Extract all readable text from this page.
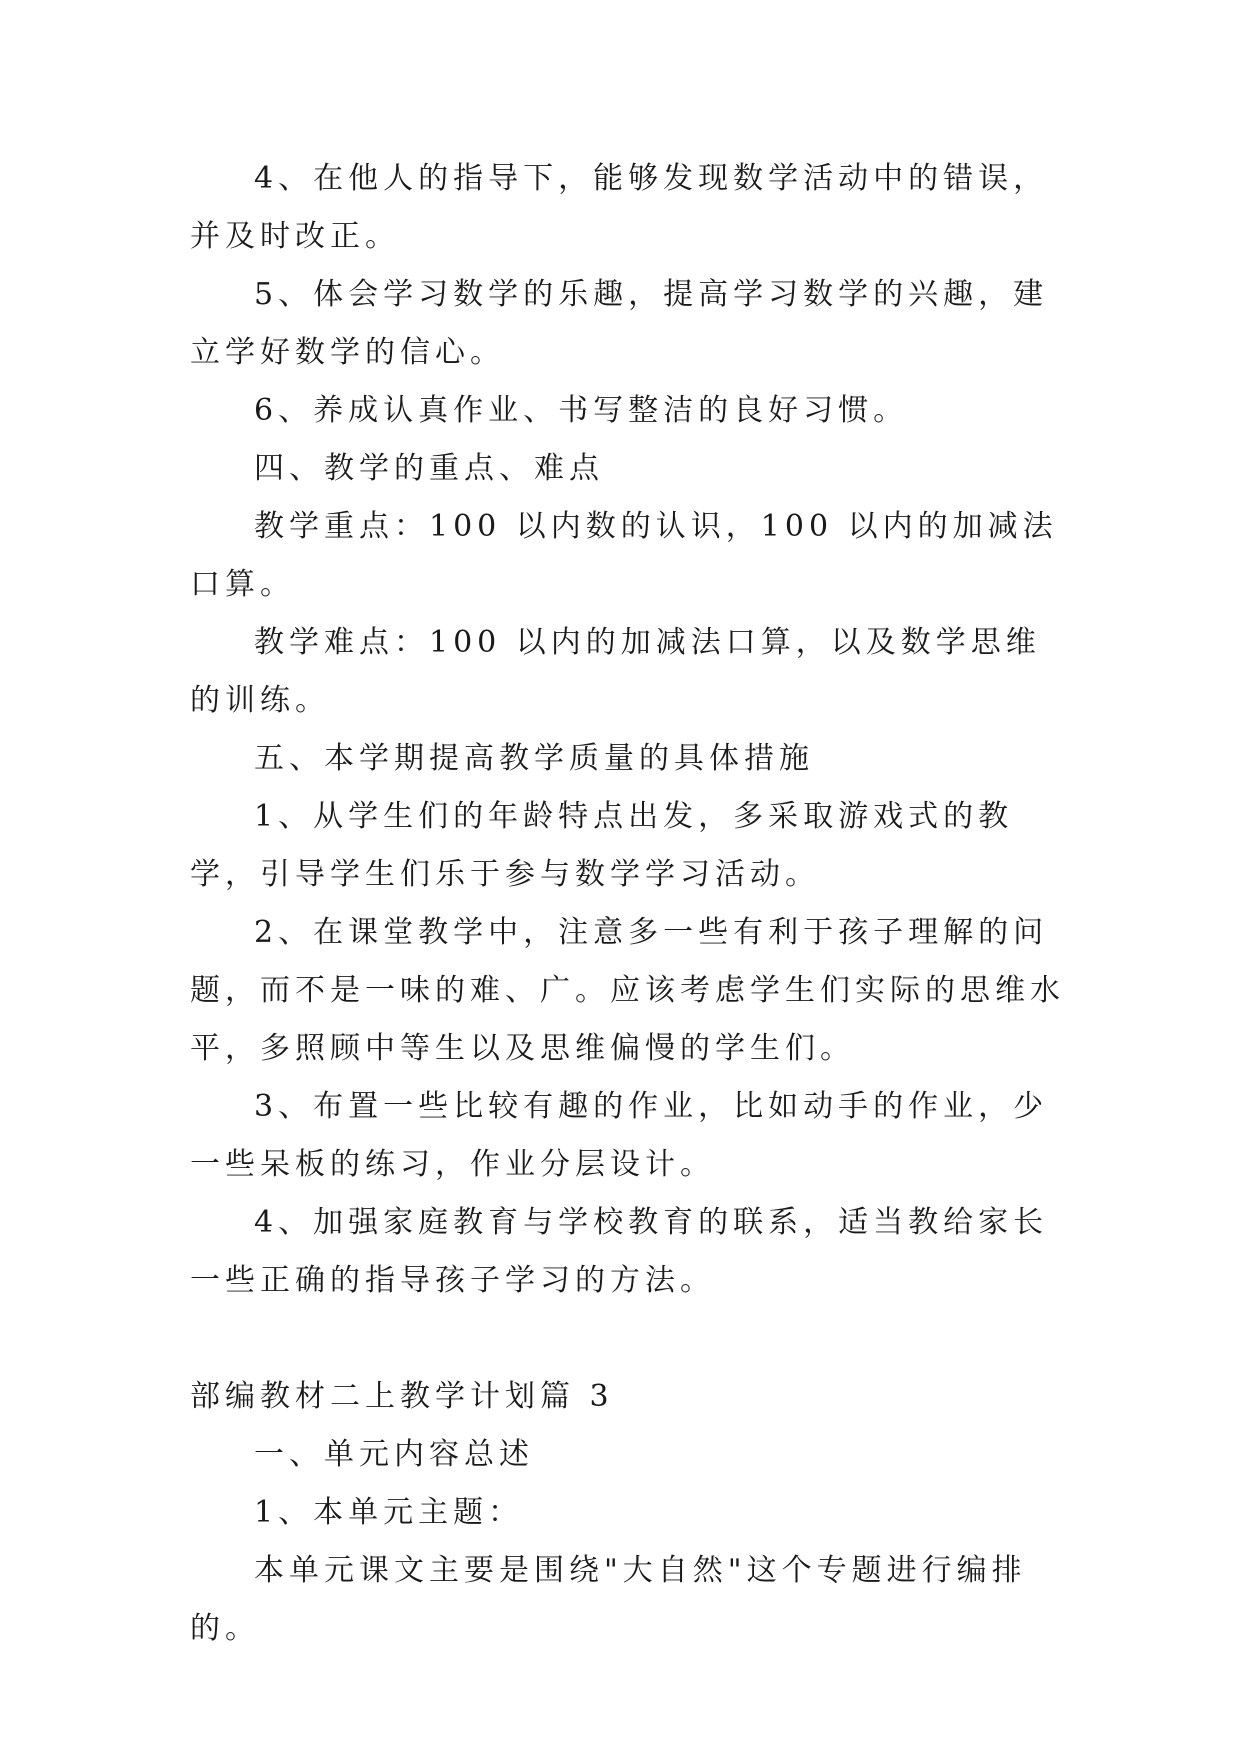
4、在他人的指导下，能够发现数学活动中的错误，并及时改正。

5、体会学习数学的乐趣，提高学习数学的兴趣，建立学好数学的信心。

6、养成认真作业、书写整洁的良好习惯。

四、教学的重点、难点

教学重点：100 以内数的认识，100 以内的加减法口算。

教学难点：100 以内的加减法口算，以及数学思维的训练。

五、本学期提高教学质量的具体措施

1、从学生们的年龄特点出发，多采取游戏式的教学，引导学生们乐于参与数学学习活动。

2、在课堂教学中，注意多一些有利于孩子理解的问题，而不是一味的难、广。应该考虑学生们实际的思维水平，多照顾中等生以及思维偏慢的学生们。

3、布置一些比较有趣的作业，比如动手的作业，少一些呆板的练习，作业分层设计。

4、加强家庭教育与学校教育的联系，适当教给家长一些正确的指导孩子学习的方法。

部编教材二上教学计划篇 3

一、单元内容总述

1、本单元主题：

本单元课文主要是围绕"大自然"这个专题进行编排的。
